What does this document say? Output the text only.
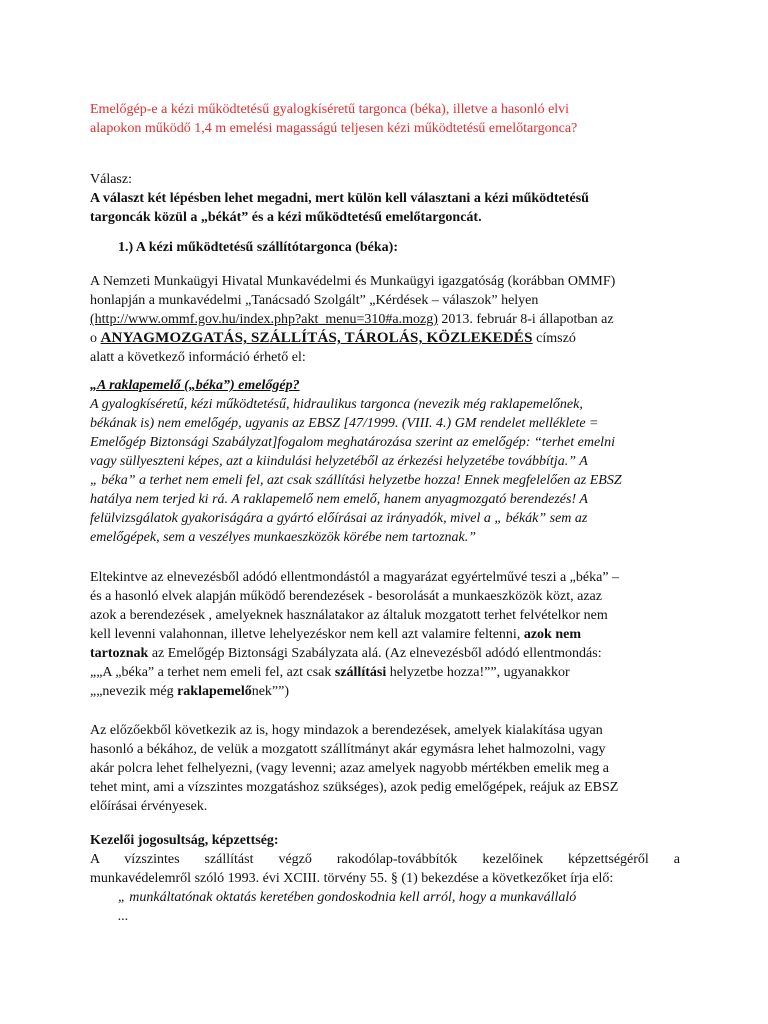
Emelőgép-e a kézi működtetésű gyalogkíséretű targonca (béka), illetve a hasonló elvi
alapokon működő 1,4 m emelési magasságú teljesen kézi működtetésű emelőtargonca?
Válasz:
A választ két lépésben lehet megadni, mert külön kell választani a kézi működtetésű
targoncák közül a „békát” és a kézi működtetésű emelőtargoncát.
1.) A kézi működtetésű szállítótargonca (béka):
A Nemzeti Munkaügyi Hivatal Munkavédelmi és Munkaügyi igazgatóság (korábban OMMF)
honlapján a munkavédelmi „Tanácsadó Szolgált” „Kérdések – válaszok” helyen
(http://www.ommf.gov.hu/index.php?akt_menu=310#a.mozg) 2013. február 8-i állapotban az
o ANYAGMOZGATÁS, SZÁLLÍTÁS, TÁROLÁS, KÖZLEKEDÉS címszó
alatt a következő információ érhető el:
„A raklapemelő („béka”) emelőgép?
A gyalogkíséretű, kézi működtetésű, hidraulikus targonca (nevezik még raklapemelőnek,
békának is) nem emelőgép, ugyanis az EBSZ [47/1999. (VIII. 4.) GM rendelet melléklete =
Emelőgép Biztonsági Szabályzat]fogalom meghatározása szerint az emelőgép: “terhet emelni
vagy süllyeszteni képes, azt a kiindulási helyzetéből az érkezési helyzetébe továbbítja.” A
„ béka” a terhet nem emeli fel, azt csak szállítási helyzetbe hozza! Ennek megfelelően az EBSZ
hatálya nem terjed ki rá. A raklapemelő nem emelő, hanem anyagmozgató berendezés! A
felülvizsgálatok gyakoriságára a gyártó előírásai az irányadók, mivel a „ békák” sem az
emelőgépek, sem a veszélyes munkaeszközök körébe nem tartoznak.”
Eltekintve az elnevezésből adódó ellentmondástól a magyarázat egyértelművé teszi a „béka” –
és a hasonló elvek alapján működő berendezések - besorolását a munkaeszközök közt, azaz
azok a berendezések , amelyeknek használatakor az általuk mozgatott terhet felvételkor nem
kell levenni valahonnan, illetve lehelyezéskor nem kell azt valamire feltenni, azok nem
tartoznak az Emelőgép Biztonsági Szabályzata alá. (Az elnevezésből adódó ellentmondás:
„„A „béka” a terhet nem emeli fel, azt csak szállítási helyzetbe hozza!””, ugyanakkor
„„nevezik még raklapemelőnek””)
Az előzőekből következik az is, hogy mindazok a berendezések, amelyek kialakítása ugyan
hasonló a békához, de velük a mozgatott szállítmányt akár egymásra lehet halmozolni, vagy
akár polcra lehet felhelyezni, (vagy levenni; azaz amelyek nagyobb mértékben emelik meg a
tehet mint, ami a vízszintes mozgatáshoz szükséges), azok pedig emelőgépek, reájuk az EBSZ
előírásai érvényesek.
Kezelői jogosultság, képzettség:
A vízszintes szállítást végző rakodólap-továbbítók kezelőinek képzettségéről a
munkavédelemről szóló 1993. évi XCIII. törvény 55. § (1) bekezdése a következőket írja elő:
„ munkáltatónak oktatás keretében gondoskodnia kell arról, hogy a munkavállaló
...
